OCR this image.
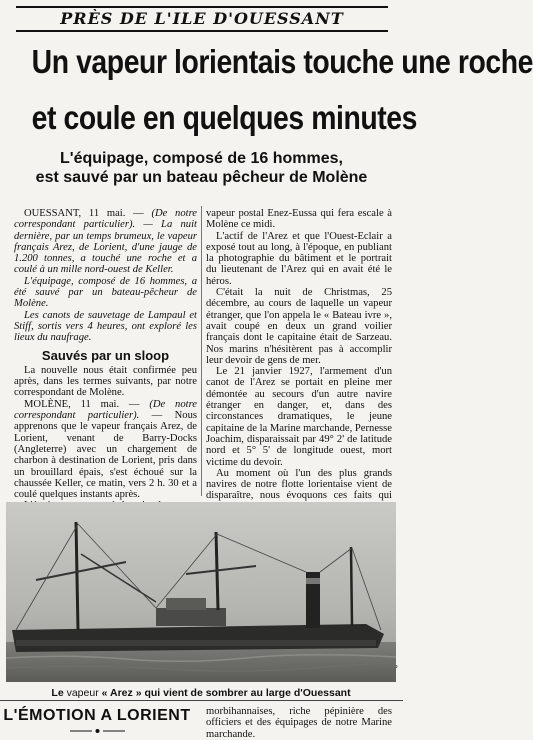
PRÈS DE L'ILE D'OUESSANT
Un vapeur lorientais touche une roche
et coule en quelques minutes
L'équipage, composé de 16 hommes,
est sauvé par un bateau pêcheur de Molène

OUESSANT, 11 mai. — (De notre correspondant particulier). — La nuit dernière, par un temps brumeux, le vapeur français Arez, de Lorient, d'une jauge de 1.200 tonnes, a touché une roche et a coulé à un mille nord-ouest de Keller.

L'équipage, composé de 16 hommes, a été sauvé par un bateau-pêcheur de Molène.

Les canots de sauvetage de Lampaul et Stiff, sortis vers 4 heures, ont exploré les lieux du naufrage.

Sauvés par un sloop

La nouvelle nous était confirmée peu après, dans les termes suivants, par notre correspondant de Molène.

MOLÈNE, 11 mai. — (De notre correspondant particulier). — Nous apprenons que le vapeur français Arez, de Lorient, venant de Barry-Docks (Angleterre) avec un chargement de charbon à destination de Lorient, pris dans un brouillard épais, s'est échoué sur la chaussée Keller, ce matin, vers 2 h. 30 et a coulé quelques instants après.

vapeur postal Enez-Eussa qui fera escale à Molène ce midi.

L'actif de l'Arez et que l'Ouest-Eclair a exposé tout au long, à l'époque, en publiant la photographie du bâtiment et le portrait du lieutenant de l'Arez qui en avait été le héros.

C'était la nuit de Christmas, 25 décembre, au cours de laquelle un vapeur étranger, que l'on appela le « Bateau ivre », avait coupé en deux un grand voilier français dont le capitaine était de Sarzeau. Nos marins n'hésitèrent pas à accomplir leur devoir de gens de mer.

Le 21 janvier 1927, l'armement d'un canot de l'Arez se portait en pleine mer démontée au secours d'un autre navire étranger en danger, et, dans des circonstances dramatiques, le jeune capitaine de la Marine marchande, Pernesse Joachim, disparaissait par 49° 2' de latitude nord et 5° 5' de longitude ouest, mort victime du devoir.

Au moment où l'un des plus grands navires de notre flotte lorientaise vient de disparaître, nous évoquons ces faits qui

Le vapeur « Arez » qui vient de sombrer au large d'Ouessant
L'ÉMOTION A LORIENT morbihannaises, riche pépinière des officiers et des équipages de notre Marine marchande.
